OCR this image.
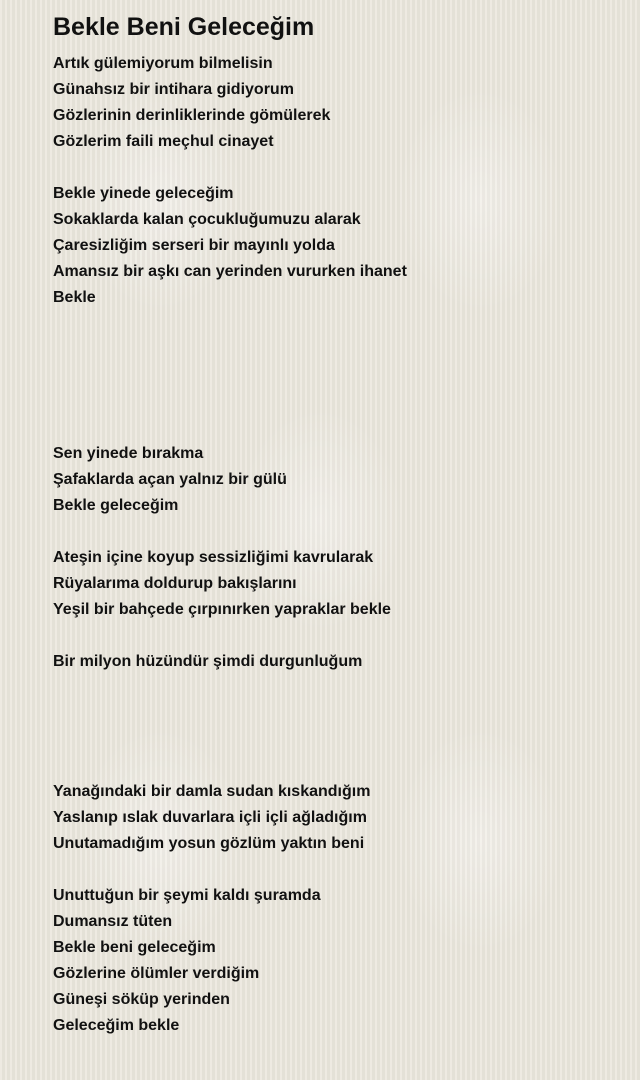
Bekle Beni Geleceğim
Artık gülemiyorum bilmelisin
Günahsız bir intihara gidiyorum
Gözlerinin derinliklerinde gömülerek
Gözlerim faili meçhul cinayet
Bekle yinede geleceğim
Sokaklarda kalan çocukluğumuzu alarak
Çaresizliğim serseri bir mayınlı yolda
Amansız bir aşkı can yerinden vururken ihanet
Bekle
Sen yinede bırakma
Şafaklarda açan yalnız bir gülü
Bekle geleceğim
Ateşin içine koyup sessizliğimi kavrularak
Rüyalarıma doldurup bakışlarını
Yeşil bir bahçede çırpınırken yapraklar bekle
Bir milyon hüzündür şimdi durgunluğum
Yanağındaki bir damla sudan kıskandığım
Yaslanıp ıslak duvarlara içli içli ağladığım
Unutamadığım yosun gözlüm yaktın beni
Unuttuğun bir şeymi kaldı şuramda
Dumansız tüten
Bekle beni geleceğim
Gözlerine ölümler verdiğim
Güneşi söküp yerinden
Geleceğim bekle
